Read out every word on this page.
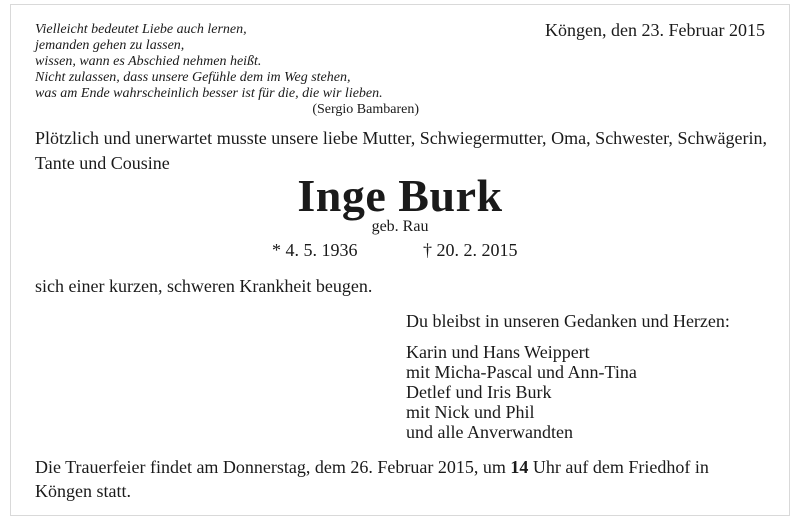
Vielleicht bedeutet Liebe auch lernen,
jemanden gehen zu lassen,
wissen, wann es Abschied nehmen heißt.
Nicht zulassen, dass unsere Gefühle dem im Weg stehen,
was am Ende wahrscheinlich besser ist für die, die wir lieben.
(Sergio Bambaren)
Köngen, den 23. Februar 2015
Plötzlich und unerwartet musste unsere liebe Mutter, Schwiegermutter, Oma, Schwester, Schwägerin, Tante und Cousine
Inge Burk
geb. Rau
* 4. 5. 1936	† 20. 2. 2015
sich einer kurzen, schweren Krankheit beugen.
Du bleibst in unseren Gedanken und Herzen:
Karin und Hans Weippert
mit Micha-Pascal und Ann-Tina
Detlef und Iris Burk
mit Nick und Phil
und alle Anverwandten
Die Trauerfeier findet am Donnerstag, dem 26. Februar 2015, um 14 Uhr auf dem Friedhof in Köngen statt.
